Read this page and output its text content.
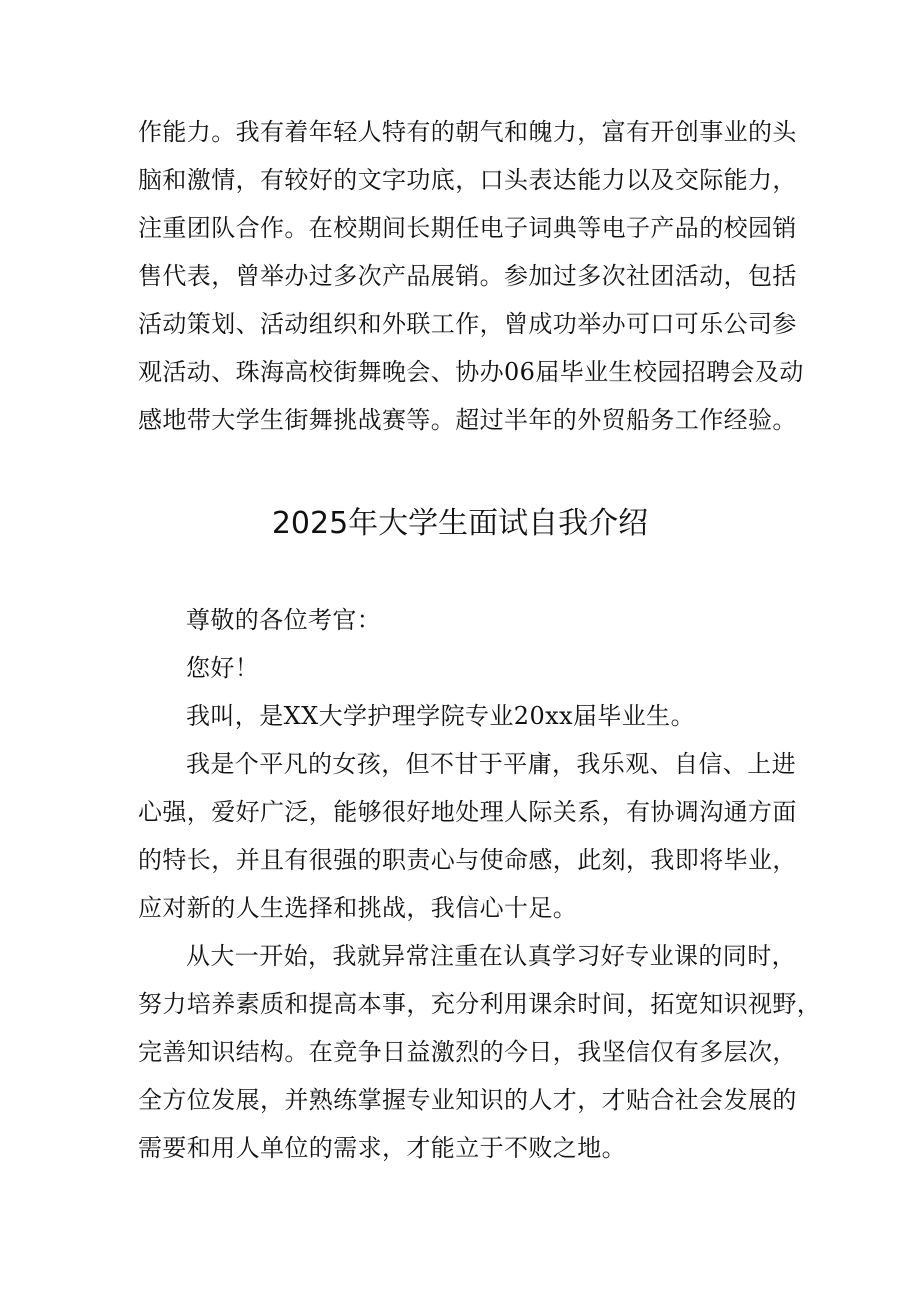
作能力。我有着年轻人特有的朝气和魄力，富有开创事业的头
脑和激情，有较好的文字功底，口头表达能力以及交际能力，
注重团队合作。在校期间长期任电子词典等电子产品的校园销
售代表，曾举办过多次产品展销。参加过多次社团活动，包括
活动策划、活动组织和外联工作，曾成功举办可口可乐公司参
观活动、珠海高校街舞晚会、协办06届毕业生校园招聘会及动
感地带大学生街舞挑战赛等。超过半年的外贸船务工作经验。
2025年大学生面试自我介绍
尊敬的各位考官：
您好！
我叫，是XX大学护理学院专业20xx届毕业生。
我是个平凡的女孩，但不甘于平庸，我乐观、自信、上进
心强，爱好广泛，能够很好地处理人际关系，有协调沟通方面
的特长，并且有很强的职责心与使命感，此刻，我即将毕业，
应对新的人生选择和挑战，我信心十足。
从大一开始，我就异常注重在认真学习好专业课的同时，
努力培养素质和提高本事，充分利用课余时间，拓宽知识视野，
完善知识结构。在竞争日益激烈的今日，我坚信仅有多层次，
全方位发展，并熟练掌握专业知识的人才，才贴合社会发展的
需要和用人单位的需求，才能立于不败之地。
